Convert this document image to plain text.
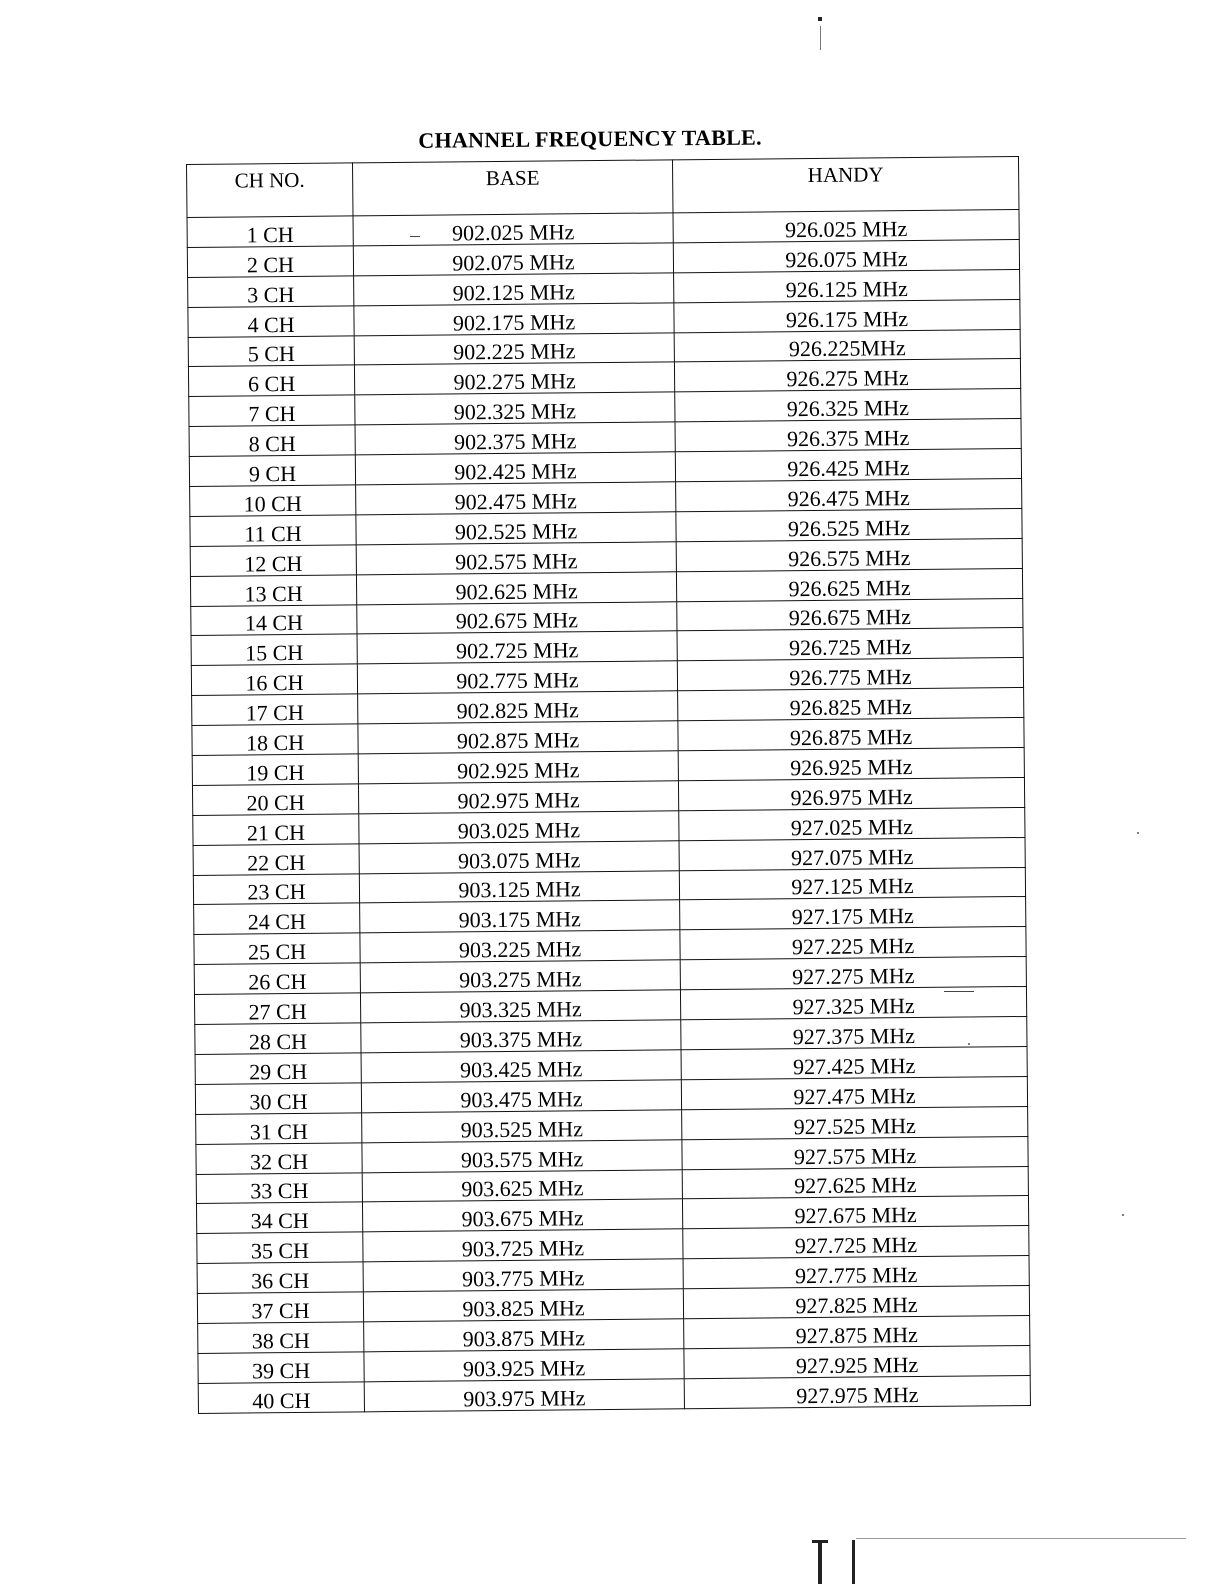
CHANNEL FREQUENCY TABLE.
CH NO.	BASE	HANDY
1 CH	902.025 MHz	926.025 MHz
2 CH	902.075 MHz	926.075 MHz
3 CH	902.125 MHz	926.125 MHz
4 CH	902.175 MHz	926.175 MHz
5 CH	902.225 MHz	926.225MHz
6 CH	902.275 MHz	926.275 MHz
7 CH	902.325 MHz	926.325 MHz
8 CH	902.375 MHz	926.375 MHz
9 CH	902.425 MHz	926.425 MHz
10 CH	902.475 MHz	926.475 MHz
11 CH	902.525 MHz	926.525 MHz
12 CH	902.575 MHz	926.575 MHz
13 CH	902.625 MHz	926.625 MHz
14 CH	902.675 MHz	926.675 MHz
15 CH	902.725 MHz	926.725 MHz
16 CH	902.775 MHz	926.775 MHz
17 CH	902.825 MHz	926.825 MHz
18 CH	902.875 MHz	926.875 MHz
19 CH	902.925 MHz	926.925 MHz
20 CH	902.975 MHz	926.975 MHz
21 CH	903.025 MHz	927.025 MHz
22 CH	903.075 MHz	927.075 MHz
23 CH	903.125 MHz	927.125 MHz
24 CH	903.175 MHz	927.175 MHz
25 CH	903.225 MHz	927.225 MHz
26 CH	903.275 MHz	927.275 MHz
27 CH	903.325 MHz	927.325 MHz
28 CH	903.375 MHz	927.375 MHz
29 CH	903.425 MHz	927.425 MHz
30 CH	903.475 MHz	927.475 MHz
31 CH	903.525 MHz	927.525 MHz
32 CH	903.575 MHz	927.575 MHz
33 CH	903.625 MHz	927.625 MHz
34 CH	903.675 MHz	927.675 MHz
35 CH	903.725 MHz	927.725 MHz
36 CH	903.775 MHz	927.775 MHz
37 CH	903.825 MHz	927.825 MHz
38 CH	903.875 MHz	927.875 MHz
39 CH	903.925 MHz	927.925 MHz
40 CH	903.975 MHz	927.975 MHz
